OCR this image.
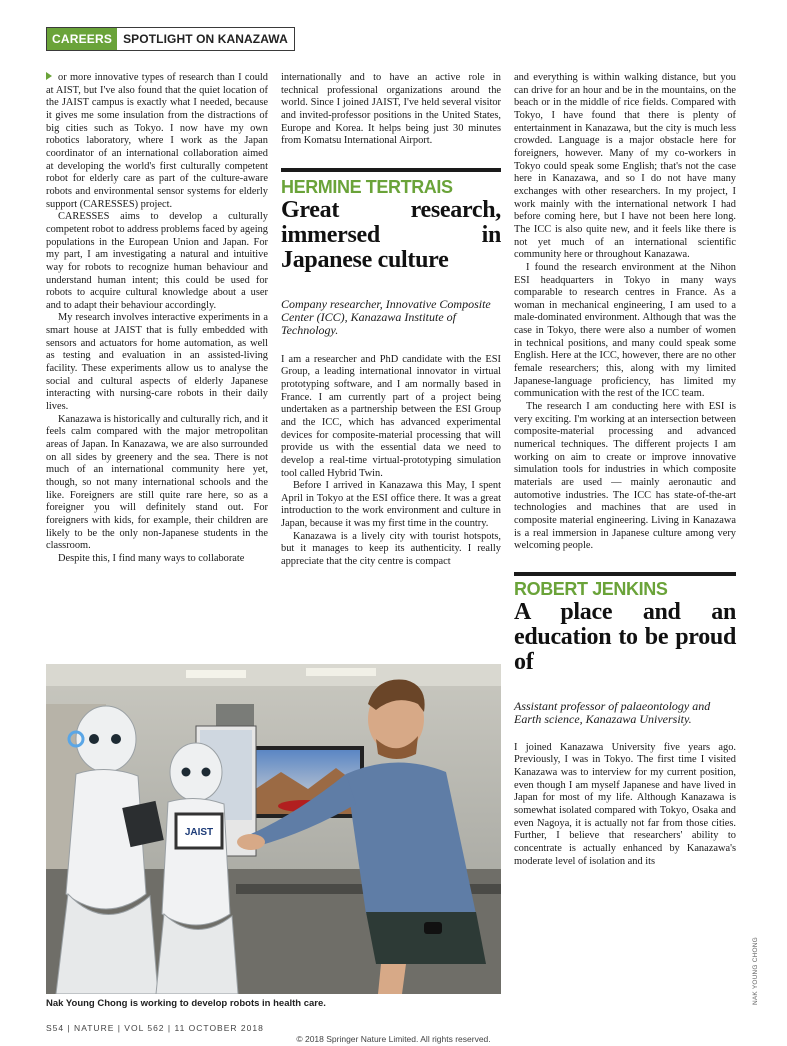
CAREERS SPOTLIGHT ON KANAZAWA

or more innovative types of research than I could at AIST, but I've also found that the quiet location of the JAIST campus is exactly what I needed, because it gives me some insulation from the distractions of big cities such as Tokyo. I now have my own robotics laboratory, where I work as the Japan coordinator of an international collaboration aimed at developing the world's first culturally competent robot for elderly care as part of the culture-aware robots and environmental sensor systems for elderly support (CARESSES) project.

CARESSES aims to develop a culturally competent robot to address problems faced by ageing populations in the European Union and Japan. For my part, I am investigating a natural and intuitive way for robots to recognize human behaviour and understand human intent; this could be used for robots to acquire cultural knowledge about a user and to adapt their behaviour accordingly.

My research involves interactive experiments in a smart house at JAIST that is fully embedded with sensors and actuators for home automation, as well as testing and evaluation in an assisted-living facility. These experiments allow us to analyse the social and cultural aspects of elderly Japanese interacting with nursing-care robots in their daily lives.

Kanazawa is historically and culturally rich, and it feels calm compared with the major metropolitan areas of Japan. In Kanazawa, we are also surrounded on all sides by greenery and the sea. There is not much of an international community here yet, though, so not many international schools and the like. Foreigners are still quite rare here, so as a foreigner you will definitely stand out. For foreigners with kids, for example, their children are likely to be the only non-Japanese students in the classroom.

Despite this, I find many ways to collaborate

internationally and to have an active role in technical professional organizations around the world. Since I joined JAIST, I've held several visitor and invited-professor positions in the United States, Europe and Korea. It helps being just 30 minutes from Komatsu International Airport.

HERMINE TERTRAIS
Great research, immersed in Japanese culture
Company researcher, Innovative Composite Center (ICC), Kanazawa Institute of Technology.

I am a researcher and PhD candidate with the ESI Group, a leading international innovator in virtual prototyping software, and I am normally based in France. I am currently part of a project being undertaken as a partnership between the ESI Group and the ICC, which has advanced experimental devices for composite-material processing that will provide us with the essential data we need to develop a real-time virtual-prototyping simulation tool called Hybrid Twin.

Before I arrived in Kanazawa this May, I spent April in Tokyo at the ESI office there. It was a great introduction to the work environment and culture in Japan, because it was my first time in the country.

Kanazawa is a lively city with tourist hotspots, but it manages to keep its authenticity. I really appreciate that the city centre is compact

and everything is within walking distance, but you can drive for an hour and be in the mountains, on the beach or in the middle of rice fields. Compared with Tokyo, I have found that there is plenty of entertainment in Kanazawa, but the city is much less crowded. Language is a major obstacle here for foreigners, however. Many of my co-workers in Tokyo could speak some English; that's not the case here in Kanazawa, and so I do not have many exchanges with other researchers. In my project, I work mainly with the international network I had before coming here, but I have not been here long. The ICC is also quite new, and it feels like there is not yet much of an international scientific community here or throughout Kanazawa.

I found the research environment at the Nihon ESI headquarters in Tokyo in many ways comparable to research centres in France. As a woman in mechanical engineering, I am used to a male-dominated environment. Although that was the case in Tokyo, there were also a number of women in technical positions, and many could speak some English. Here at the ICC, however, there are no other female researchers; this, along with my limited Japanese-language proficiency, has limited my communication with the rest of the ICC team.

The research I am conducting here with ESI is very exciting. I'm working at an intersection between composite-material processing and advanced numerical techniques. The different projects I am working on aim to create or improve innovative simulation tools for industries in which composite materials are used — mainly aeronautic and automotive industries. The ICC has state-of-the-art technologies and machines that are used in composite material engineering. Living in Kanazawa is a real immersion in Japanese culture among very welcoming people.

ROBERT JENKINS
A place and an education to be proud of
Assistant professor of palaeontology and Earth science, Kanazawa University.

I joined Kanazawa University five years ago. Previously, I was in Tokyo. The first time I visited Kanazawa was to interview for my current position, even though I am myself Japanese and have lived in Japan for most of my life. Although Kanazawa is somewhat isolated compared with Tokyo, Osaka and even Nagoya, it is actually not far from those cities. Further, I believe that researchers' ability to concentrate is actually enhanced by Kanazawa's moderate level of isolation and its

JAIST
Nak Young Chong is working to develop robots in health care.	NAK YOUNG CHONG
S54 | NATURE | VOL 562 | 11 OCTOBER 2018
© 2018 Springer Nature Limited. All rights reserved.
